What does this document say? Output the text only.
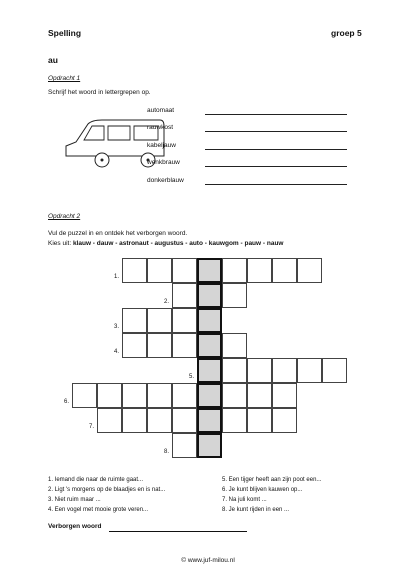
Spelling	groep 5
au
Opdracht 1
Schrijf het woord in lettergrepen op.
automaat
rauwkost
kabeljauw
wenkbrauw
donkerblauw
Opdracht 2
Vul de puzzel in en ontdek het verborgen woord.
Kies uit: klauw - dauw - astronaut - augustus - auto - kauwgom - pauw - nauw
1.
2.
3.
4.
5.
6.
7.
8.
1. Iemand die naar de ruimte gaat...
2. Ligt 's morgens op de blaadjes en is nat...
3. Niet ruim maar ...
4. Een vogel met mooie grote veren...
5. Een tijger heeft aan zijn poot een...
6. Je kunt blijven kauwen op...
7. Na juli komt ...
8. Je kunt rijden in een ...
Verborgen woord
© www.juf-milou.nl
